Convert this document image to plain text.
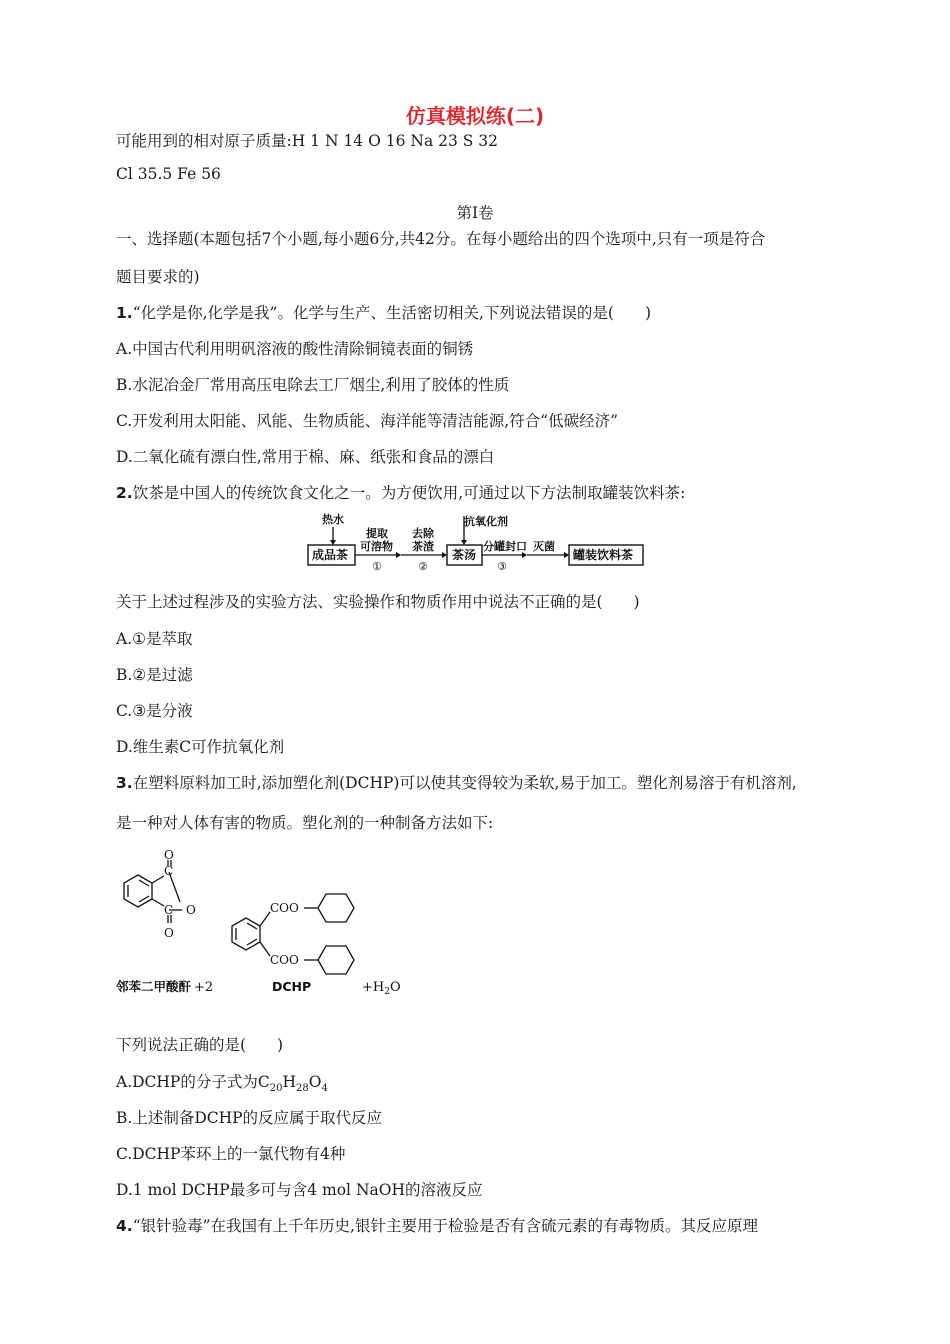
仿真模拟练(二)
可能用到的相对原子质量:H 1 N 14 O 16 Na 23 S 32
Cl 35.5 Fe 56
第Ⅰ卷
一、选择题(本题包括7个小题,每小题6分,共42分。在每小题给出的四个选项中,只有一项是符合
题目要求的)
1.“化学是你,化学是我”。化学与生产、生活密切相关,下列说法错误的是(　　)
A.中国古代利用明矾溶液的酸性清除铜镜表面的铜锈
B.水泥冶金厂常用高压电除去工厂烟尘,利用了胶体的性质
C.开发利用太阳能、风能、生物质能、海洋能等清洁能源,符合“低碳经济”
D.二氧化硫有漂白性,常用于棉、麻、纸张和食品的漂白
2.饮茶是中国人的传统饮食文化之一。为方便饮用,可通过以下方法制取罐装饮料茶:
热水
成品茶
提取
可溶物
①
去除
茶渣
②
茶汤
抗氧化剂
分罐封口
③
灭菌
罐装饮料茶
关于上述过程涉及的实验方法、实验操作和物质作用中说法不正确的是(　　)
A.①是萃取
B.②是过滤
C.③是分液
D.维生素C可作抗氧化剂
3.在塑料原料加工时,添加塑化剂(DCHP)可以使其变得较为柔软,易于加工。塑化剂易溶于有机溶剂,
是一种对人体有害的物质。塑化剂的一种制备方法如下:
O
C
O
C
O
COO
COO
邻苯二甲酸酐 +2	DCHP	$+H_2O$
下列说法正确的是(　　)
A.DCHP的分子式为$C_{20}H_{28}O_4$
B.上述制备DCHP的反应属于取代反应
C.DCHP苯环上的一氯代物有4种
D.1 mol DCHP最多可与含4 mol NaOH的溶液反应
4.“银针验毒”在我国有上千年历史,银针主要用于检验是否有含硫元素的有毒物质。其反应原理
